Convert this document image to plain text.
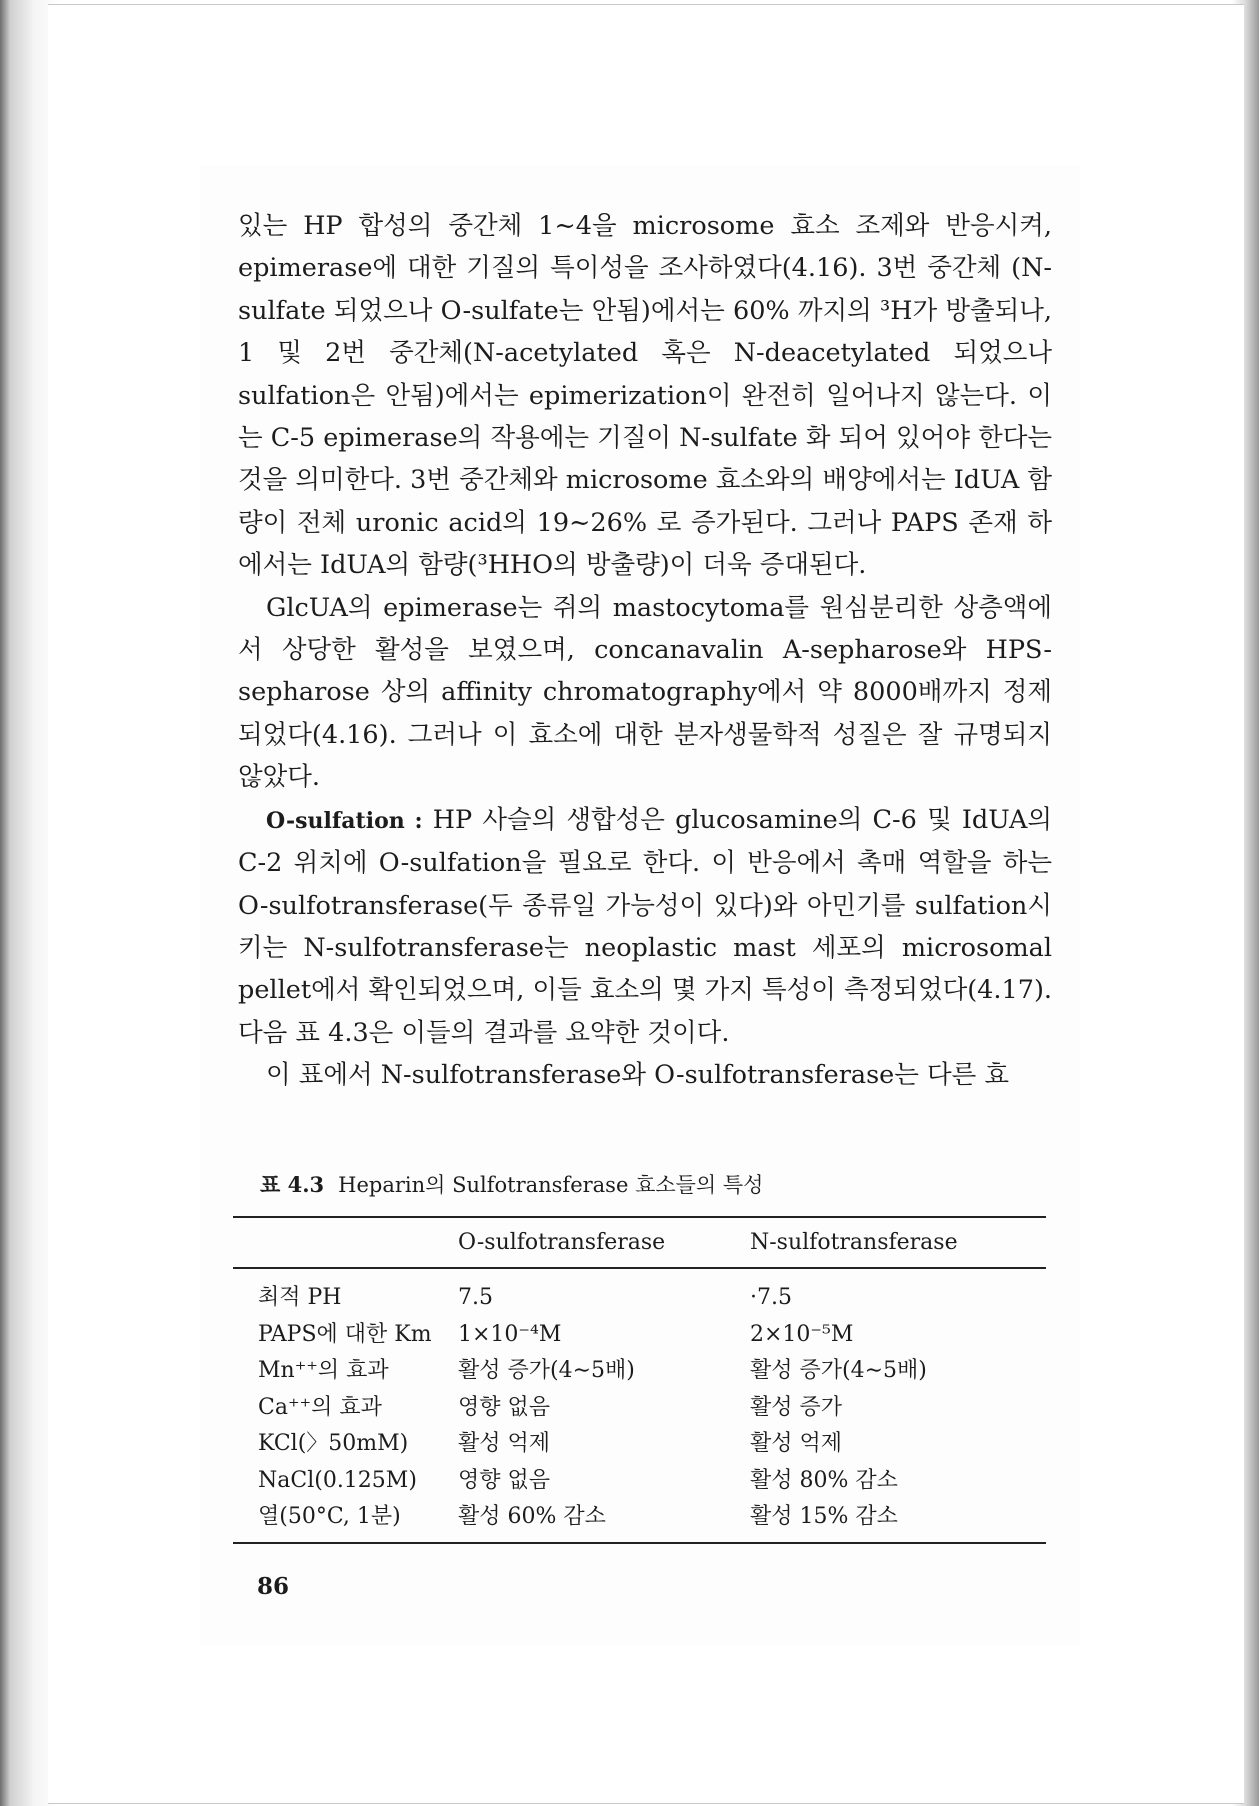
있는 HP 합성의 중간체 1∼4을 microsome 효소 조제와 반응시켜, epimerase에 대한 기질의 특이성을 조사하였다(4.16). 3번 중간체 (N-sulfate 되었으나 O-sulfate는 안됨)에서는 60% 까지의 ³H가 방출되나, 1 및 2번 중간체(N-acetylated 혹은 N-deacetylated 되었으나 sulfation은 안됨)에서는 epimerization이 완전히 일어나지 않는다. 이는 C-5 epimerase의 작용에는 기질이 N-sulfate 화 되어 있어야 한다는 것을 의미한다. 3번 중간체와 microsome 효소와의 배양에서는 IdUA 함량이 전체 uronic acid의 19∼26% 로 증가된다. 그러나 PAPS 존재 하에서는 IdUA의 함량(³HHO의 방출량)이 더욱 증대된다.

GlcUA의 epimerase는 쥐의 mastocytoma를 원심분리한 상층액에서 상당한 활성을 보였으며, concanavalin A-sepharose와 HPS-sepharose 상의 affinity chromatography에서 약 8000배까지 정제되었다(4.16). 그러나 이 효소에 대한 분자생물학적 성질은 잘 규명되지 않았다.

O-sulfation : HP 사슬의 생합성은 glucosamine의 C-6 및 IdUA의 C-2 위치에 O-sulfation을 필요로 한다. 이 반응에서 촉매 역할을 하는 O-sulfotransferase(두 종류일 가능성이 있다)와 아민기를 sulfation시키는 N-sulfotransferase는 neoplastic mast 세포의 microsomal pellet에서 확인되었으며, 이들 효소의 몇 가지 특성이 측정되었다(4.17). 다음 표 4.3은 이들의 결과를 요약한 것이다.

이 표에서 N-sulfotransferase와 O-sulfotransferase는 다른 효

표 4.3 Heparin의 Sulfotransferase 효소들의 특성
	O-sulfotransferase	N-sulfotransferase
최적 PH	7.5	·7.5
PAPS에 대한 Km	1×10⁻⁴M	2×10⁻⁵M
Mn⁺⁺의 효과	활성 증가(4∼5배)	활성 증가(4∼5배)
Ca⁺⁺의 효과	영향 없음	활성 증가
KCl(〉50mM)	활성 억제	활성 억제
NaCl(0.125M)	영향 없음	활성 80% 감소
열(50°C, 1분)	활성 60% 감소	활성 15% 감소
86
